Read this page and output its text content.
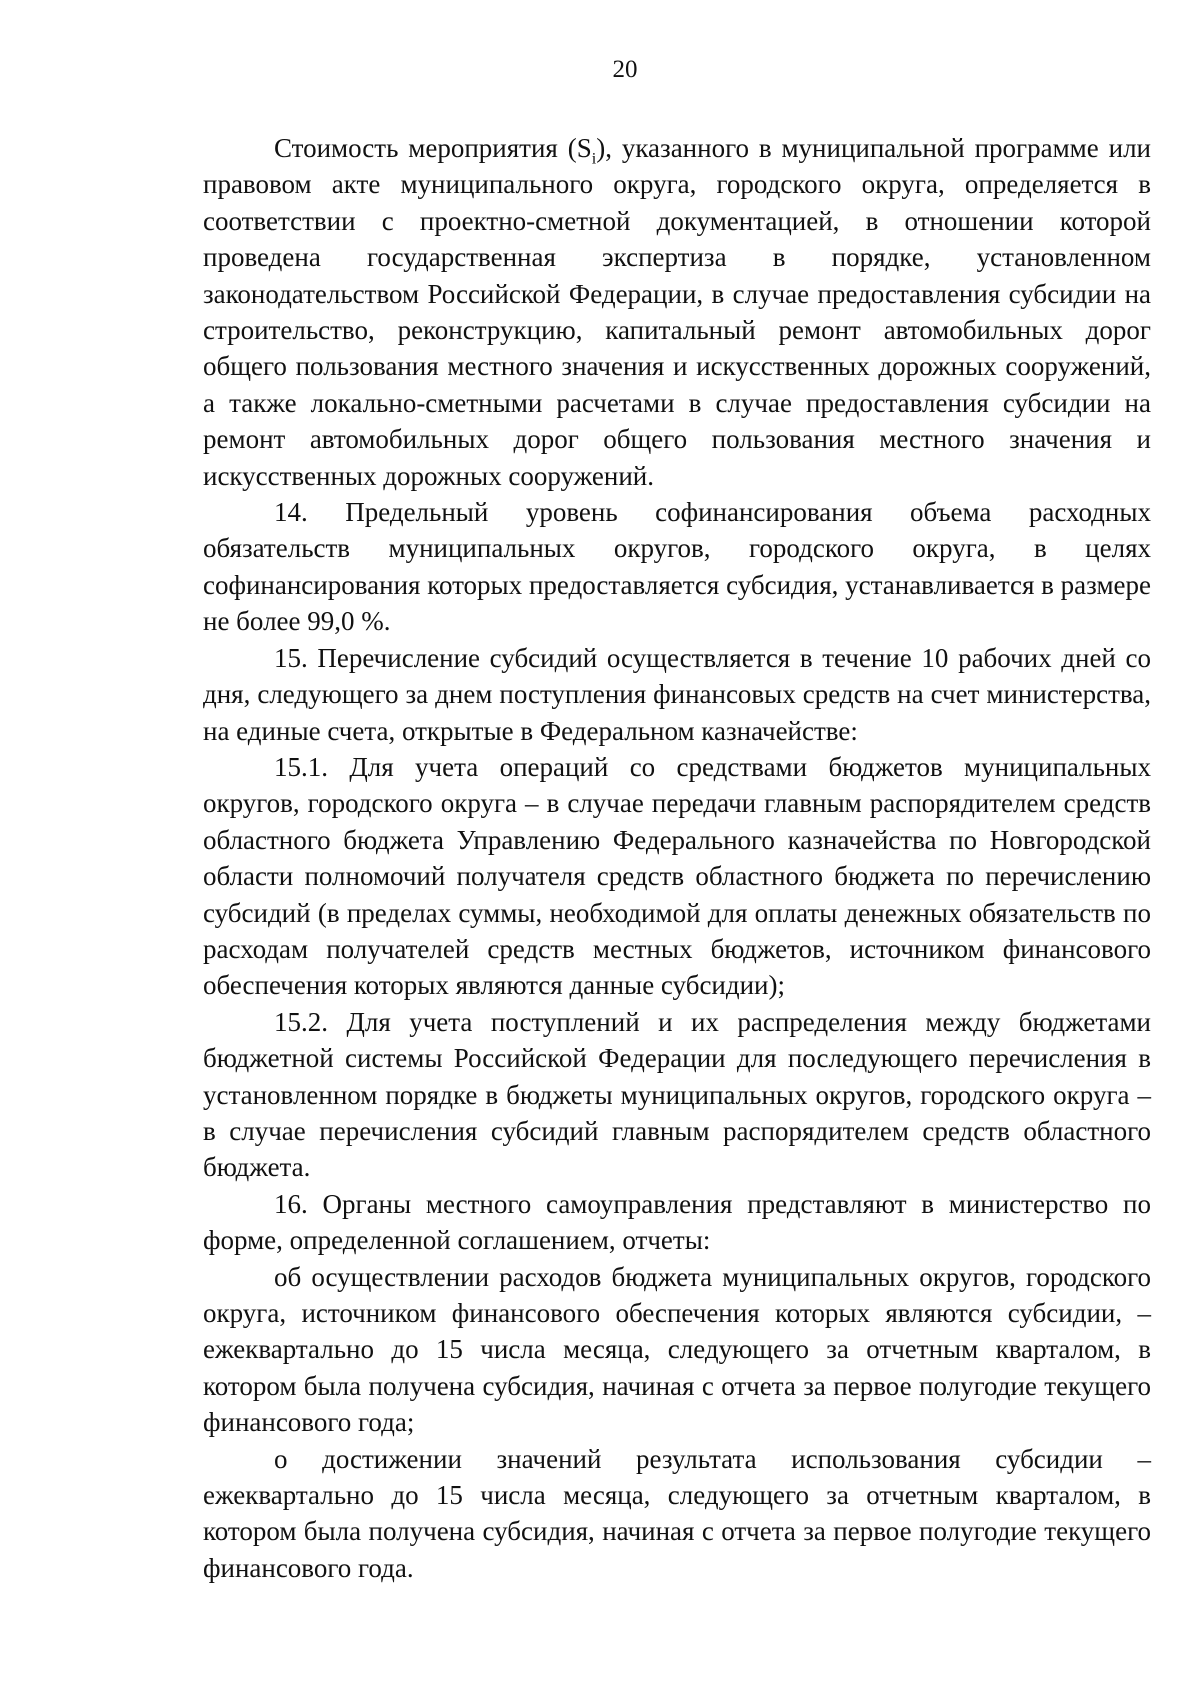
20

Стоимость мероприятия $(S_i)$, указанного в муниципальной программе или правовом акте муниципального округа, городского округа, определяется в соответствии с проектно-сметной документацией, в отношении которой проведена государственная экспертиза в порядке, установленном законодательством Российской Федерации, в случае предоставления субсидии на строительство, реконструкцию, капитальный ремонт автомобильных дорог общего пользования местного значения и искусственных дорожных сооружений, а также локально-сметными расчетами в случае предоставления субсидии на ремонт автомобильных дорог общего пользования местного значения и искусственных дорожных сооружений.

14. Предельный уровень софинансирования объема расходных обязательств муниципальных округов, городского округа, в целях софинансирования которых предоставляется субсидия, устанавливается в размере не более 99,0 %.

15. Перечисление субсидий осуществляется в течение 10 рабочих дней со дня, следующего за днем поступления финансовых средств на счет министерства, на единые счета, открытые в Федеральном казначействе:

15.1. Для учета операций со средствами бюджетов муниципальных округов, городского округа – в случае передачи главным распорядителем средств областного бюджета Управлению Федерального казначейства по Новгородской области полномочий получателя средств областного бюджета по перечислению субсидий (в пределах суммы, необходимой для оплаты денежных обязательств по расходам получателей средств местных бюджетов, источником финансового обеспечения которых являются данные субсидии);

15.2. Для учета поступлений и их распределения между бюджетами бюджетной системы Российской Федерации для последующего перечисления в установленном порядке в бюджеты муниципальных округов, городского округа – в случае перечисления субсидий главным распорядителем средств областного бюджета.

16. Органы местного самоуправления представляют в министерство по форме, определенной соглашением, отчеты:

об осуществлении расходов бюджета муниципальных округов, городского округа, источником финансового обеспечения которых являются субсидии, – ежеквартально до 15 числа месяца, следующего за отчетным кварталом, в котором была получена субсидия, начиная с отчета за первое полугодие текущего финансового года;

о достижении значений результата использования субсидии – ежеквартально до 15 числа месяца, следующего за отчетным кварталом, в котором была получена субсидия, начиная с отчета за первое полугодие текущего финансового года.
